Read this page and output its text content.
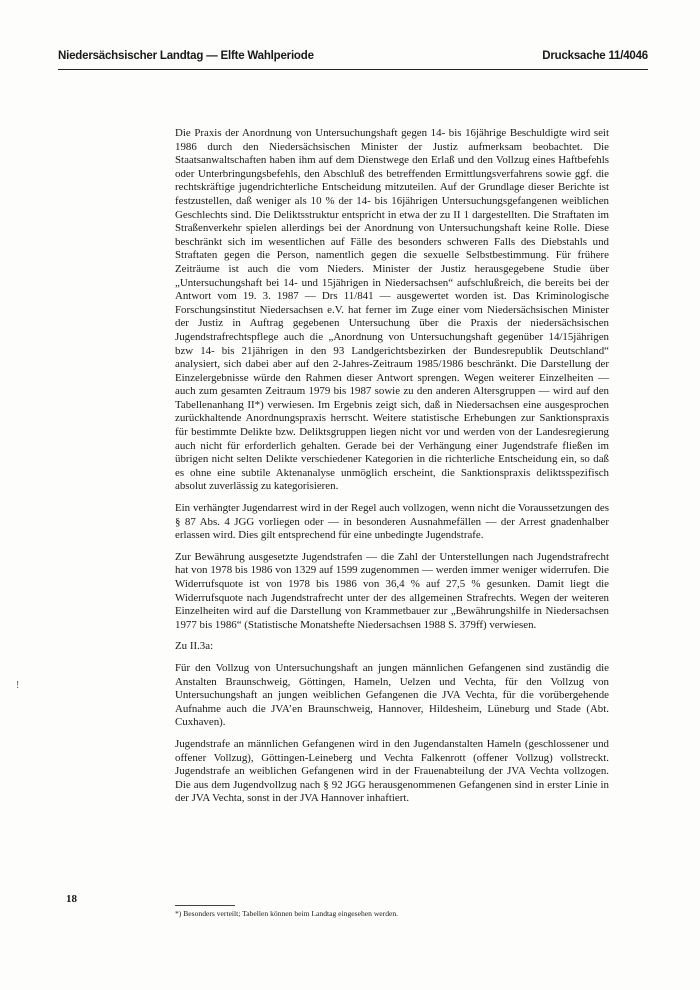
Niedersächsischer Landtag — Elfte Wahlperiode	Drucksache 11/4046

Die Praxis der Anordnung von Untersuchungshaft gegen 14- bis 16jährige Beschuldigte wird seit 1986 durch den Niedersächsischen Minister der Justiz aufmerksam beobachtet. Die Staatsanwaltschaften haben ihm auf dem Dienstwege den Erlaß und den Vollzug eines Haftbefehls oder Unterbringungsbefehls, den Abschluß des betreffenden Ermittlungsverfahrens sowie ggf. die rechtskräftige jugendrichterliche Entscheidung mitzuteilen. Auf der Grundlage dieser Berichte ist festzustellen, daß weniger als 10 % der 14- bis 16jährigen Untersuchungsgefangenen weiblichen Geschlechts sind. Die Deliktsstruktur entspricht in etwa der zu II 1 dargestellten. Die Straftaten im Straßenverkehr spielen allerdings bei der Anordnung von Untersuchungshaft keine Rolle. Diese beschränkt sich im wesentlichen auf Fälle des besonders schweren Falls des Diebstahls und Straftaten gegen die Person, namentlich gegen die sexuelle Selbstbestimmung. Für frühere Zeiträume ist auch die vom Nieders. Minister der Justiz herausgegebene Studie über „Untersuchungshaft bei 14- und 15jährigen in Niedersachsen“ aufschlußreich, die bereits bei der Antwort vom 19. 3. 1987 — Drs 11/841 — ausgewertet worden ist. Das Kriminologische Forschungsinstitut Niedersachsen e.V. hat ferner im Zuge einer vom Niedersächsischen Minister der Justiz in Auftrag gegebenen Untersuchung über die Praxis der niedersächsischen Jugendstrafrechtspflege auch die „Anordnung von Untersuchungshaft gegenüber 14/15jährigen bzw 14- bis 21jährigen in den 93 Landgerichtsbezirken der Bundesrepublik Deutschland“ analysiert, sich dabei aber auf den 2-Jahres-Zeitraum 1985/1986 beschränkt. Die Darstellung der Einzelergebnisse würde den Rahmen dieser Antwort sprengen. Wegen weiterer Einzelheiten — auch zum gesamten Zeitraum 1979 bis 1987 sowie zu den anderen Altersgruppen — wird auf den Tabellenanhang II*) verwiesen. Im Ergebnis zeigt sich, daß in Niedersachsen eine ausgesprochen zurückhaltende Anordnungspraxis herrscht. Weitere statistische Erhebungen zur Sanktionspraxis für bestimmte Delikte bzw. Deliktsgruppen liegen nicht vor und werden von der Landesregierung auch nicht für erforderlich gehalten. Gerade bei der Verhängung einer Jugendstrafe fließen im übrigen nicht selten Delikte verschiedener Kategorien in die richterliche Entscheidung ein, so daß es ohne eine subtile Aktenanalyse unmöglich erscheint, die Sanktionspraxis deliktsspezifisch absolut zuverlässig zu kategorisieren.

Ein verhängter Jugendarrest wird in der Regel auch vollzogen, wenn nicht die Voraussetzungen des § 87 Abs. 4 JGG vorliegen oder — in besonderen Ausnahmefällen — der Arrest gnadenhalber erlassen wird. Dies gilt entsprechend für eine unbedingte Jugendstrafe.

Zur Bewährung ausgesetzte Jugendstrafen — die Zahl der Unterstellungen nach Jugendstrafrecht hat von 1978 bis 1986 von 1329 auf 1599 zugenommen — werden immer weniger widerrufen. Die Widerrufsquote ist von 1978 bis 1986 von 36,4 % auf 27,5 % gesunken. Damit liegt die Widerrufsquote nach Jugendstrafrecht unter der des allgemeinen Strafrechts. Wegen der weiteren Einzelheiten wird auf die Darstellung von Krammetbauer zur „Bewährungshilfe in Niedersachsen 1977 bis 1986“ (Statistische Monatshefte Niedersachsen 1988 S. 379ff) verwiesen.

Zu II.3a:

Für den Vollzug von Untersuchungshaft an jungen männlichen Gefangenen sind zuständig die Anstalten Braunschweig, Göttingen, Hameln, Uelzen und Vechta, für den Vollzug von Untersuchungshaft an jungen weiblichen Gefangenen die JVA Vechta, für die vorübergehende Aufnahme auch die JVA’en Braunschweig, Hannover, Hildesheim, Lüneburg und Stade (Abt. Cuxhaven).

Jugendstrafe an männlichen Gefangenen wird in den Jugendanstalten Hameln (geschlossener und offener Vollzug), Göttingen-Leineberg und Vechta Falkenrott (offener Vollzug) vollstreckt. Jugendstrafe an weiblichen Gefangenen wird in der Frauenabteilung der JVA Vechta vollzogen. Die aus dem Jugendvollzug nach § 92 JGG herausgenommenen Gefangenen sind in erster Linie in der JVA Vechta, sonst in der JVA Hannover inhaftiert.

!
18
*) Besonders verteilt; Tabellen können beim Landtag eingesehen werden.
